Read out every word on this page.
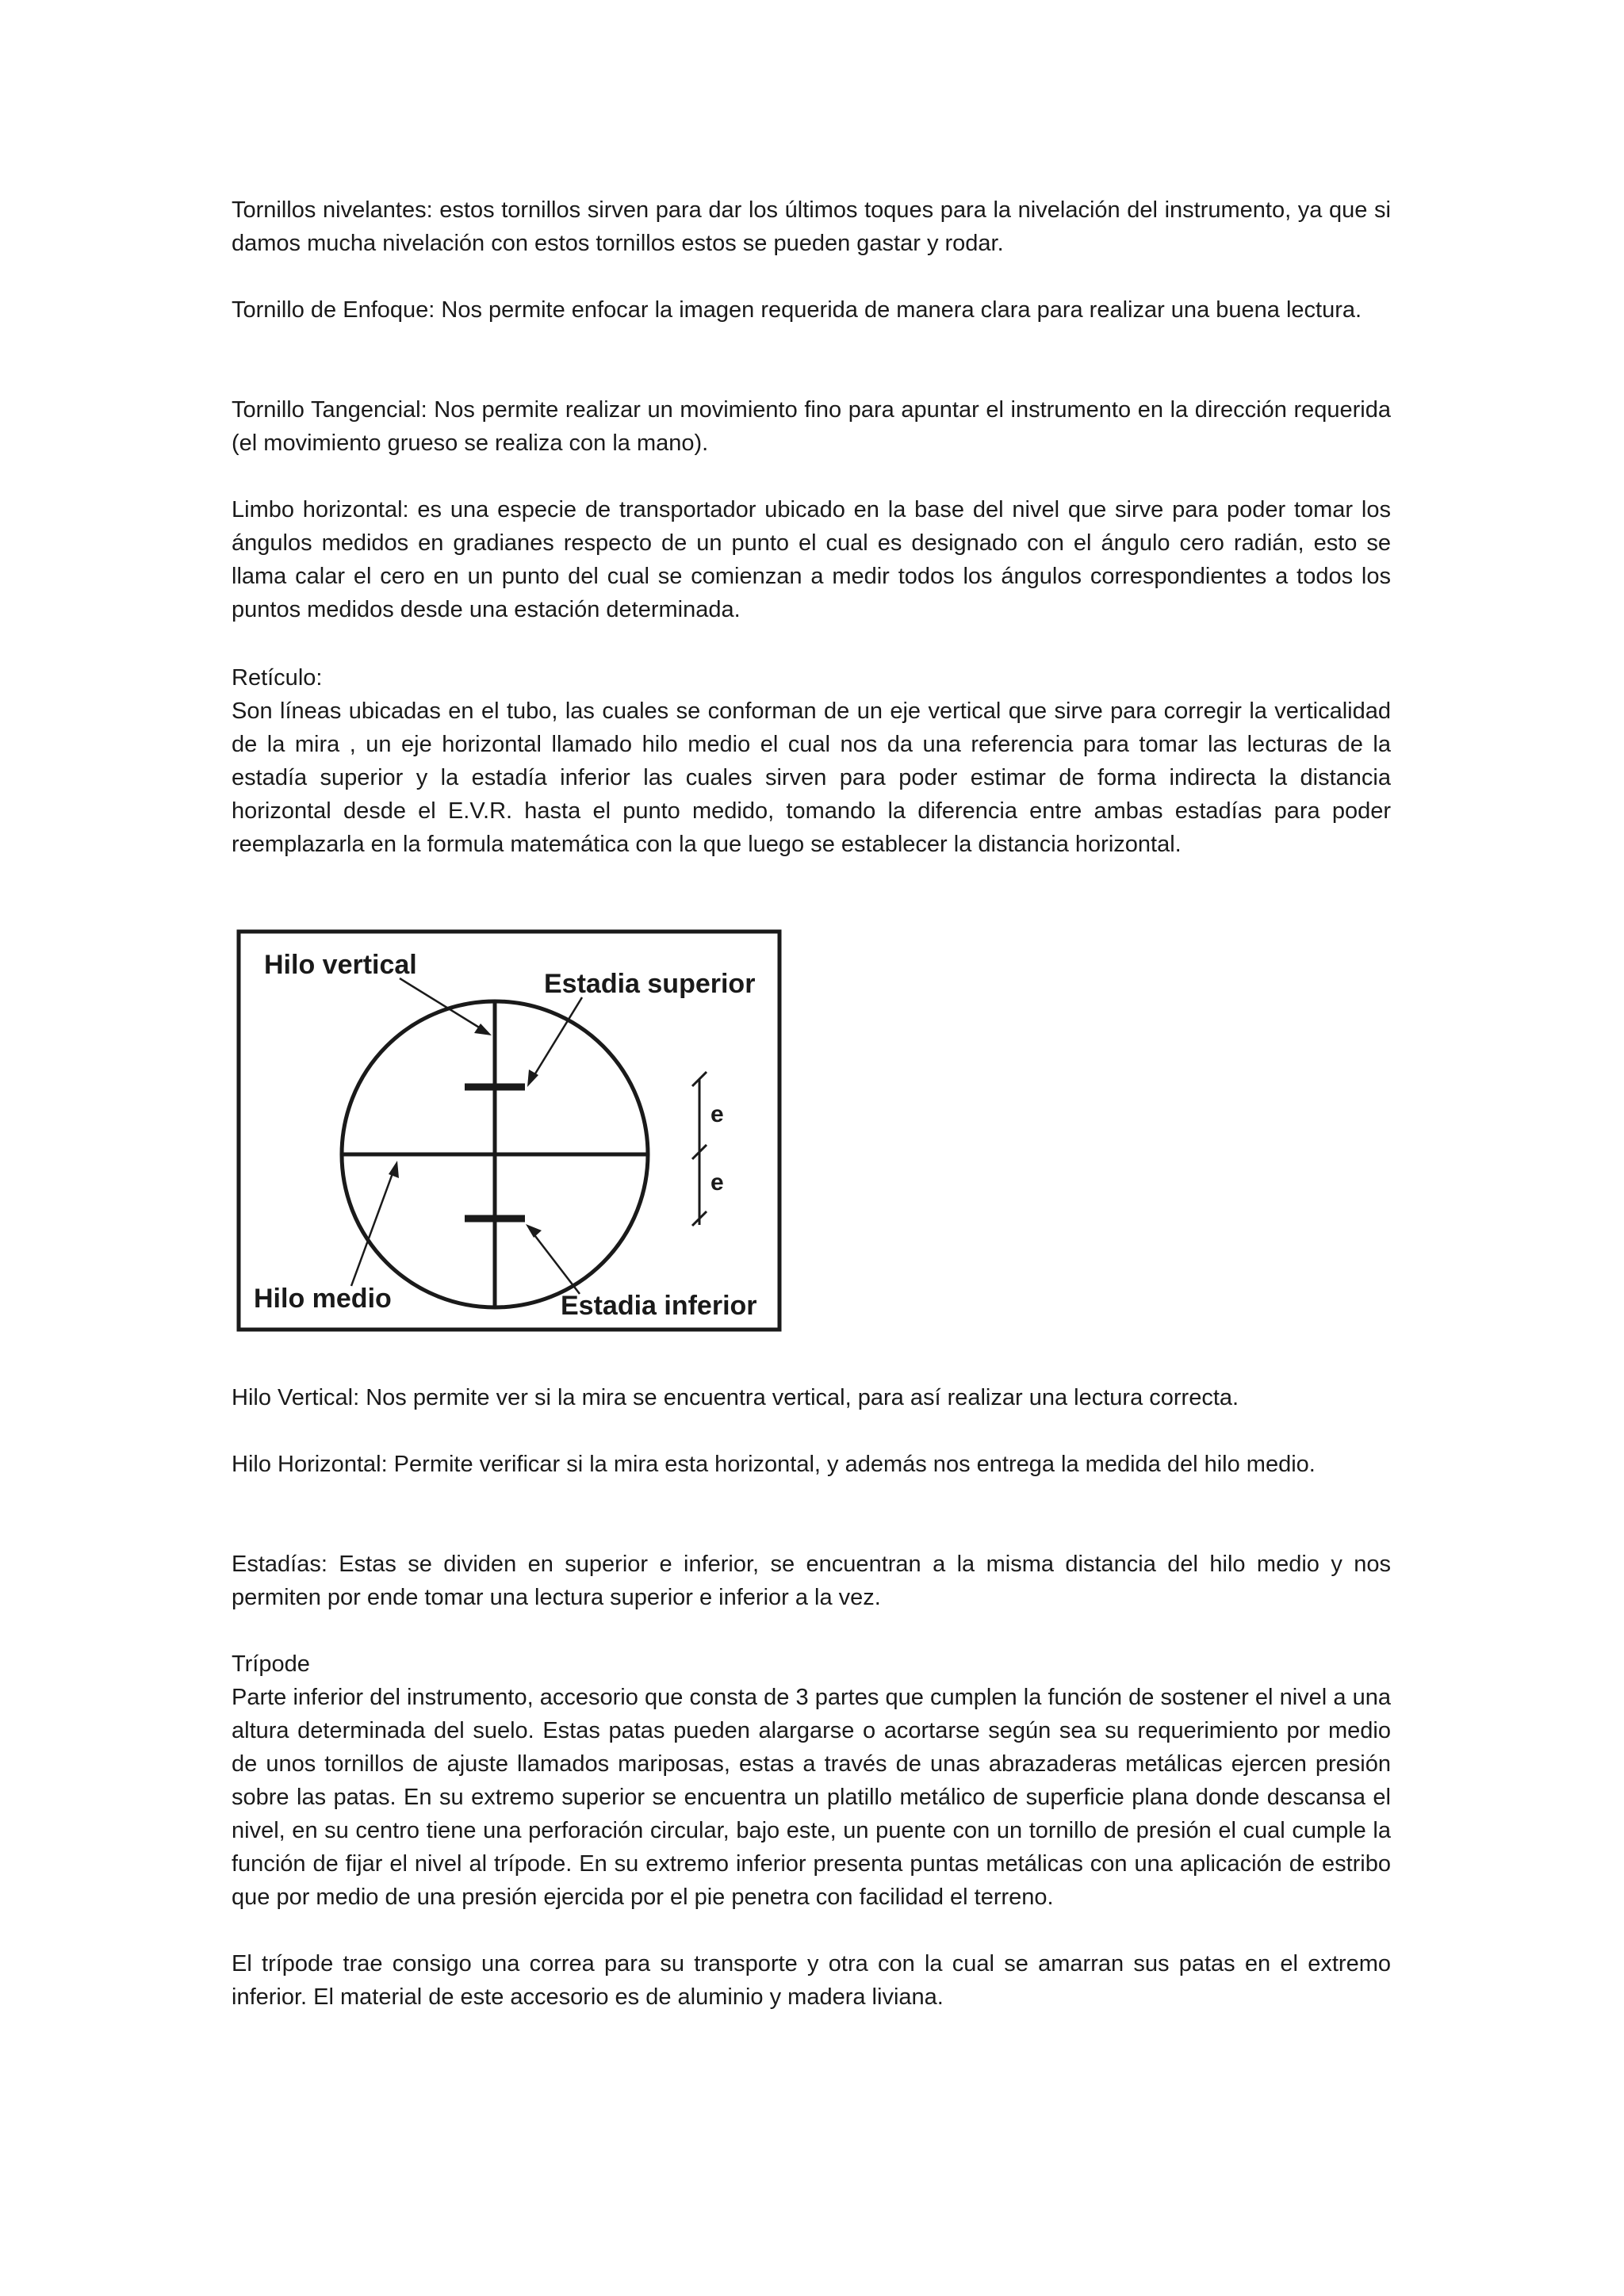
Tornillos nivelantes: estos tornillos sirven para dar los últimos toques para la nivelación del instrumento, ya que si damos mucha nivelación con estos tornillos estos se pueden gastar y rodar.

Tornillo de Enfoque: Nos permite enfocar la imagen requerida de manera clara para realizar una buena lectura.

Tornillo Tangencial: Nos permite realizar un movimiento fino para apuntar el instrumento en la dirección requerida (el movimiento grueso se realiza con la mano).

Limbo horizontal: es una especie de transportador ubicado en la base del nivel que sirve para poder tomar los ángulos medidos en gradianes respecto de un punto el cual es designado con el ángulo cero radián, esto se llama calar el cero en un punto del cual se comienzan a medir todos los ángulos correspondientes a todos los puntos medidos desde una estación determinada.

Retículo:

Son líneas ubicadas en el tubo, las cuales se conforman de un eje vertical que sirve para corregir la verticalidad de la mira , un eje horizontal llamado hilo medio el cual nos da una referencia para tomar las lecturas de la estadía superior y la estadía inferior las cuales sirven para poder estimar de forma indirecta la distancia horizontal desde el E.V.R. hasta el punto medido, tomando la diferencia entre ambas estadías para poder reemplazarla en la formula matemática con la que luego se establecer la distancia horizontal.

Hilo vertical
Estadia superior
Hilo medio	Estadia inferior
e
e

Hilo Vertical: Nos permite ver si la mira se encuentra vertical, para así realizar una lectura correcta.

Hilo Horizontal: Permite verificar si la mira esta horizontal, y además nos entrega la medida del hilo medio.

Estadías: Estas se dividen en superior e inferior, se encuentran a la misma distancia del hilo medio y nos permiten por ende tomar una lectura superior e inferior a la vez.

Trípode

Parte inferior del instrumento, accesorio que consta de 3 partes que cumplen la función de sostener el nivel a una altura determinada del suelo. Estas patas pueden alargarse o acortarse según sea su requerimiento por medio de unos tornillos de ajuste llamados mariposas, estas a través de unas abrazaderas metálicas ejercen presión sobre las patas. En su extremo superior se encuentra un platillo metálico de superficie plana donde descansa el nivel, en su centro tiene una perforación circular, bajo este, un puente con un tornillo de presión el cual cumple la función de fijar el nivel al trípode. En su extremo inferior presenta puntas metálicas con una aplicación de estribo que por medio de una presión ejercida por el pie penetra con facilidad el terreno.

El trípode trae consigo una correa para su transporte y otra con la cual se amarran sus patas en el extremo inferior. El material de este accesorio es de aluminio y madera liviana.
